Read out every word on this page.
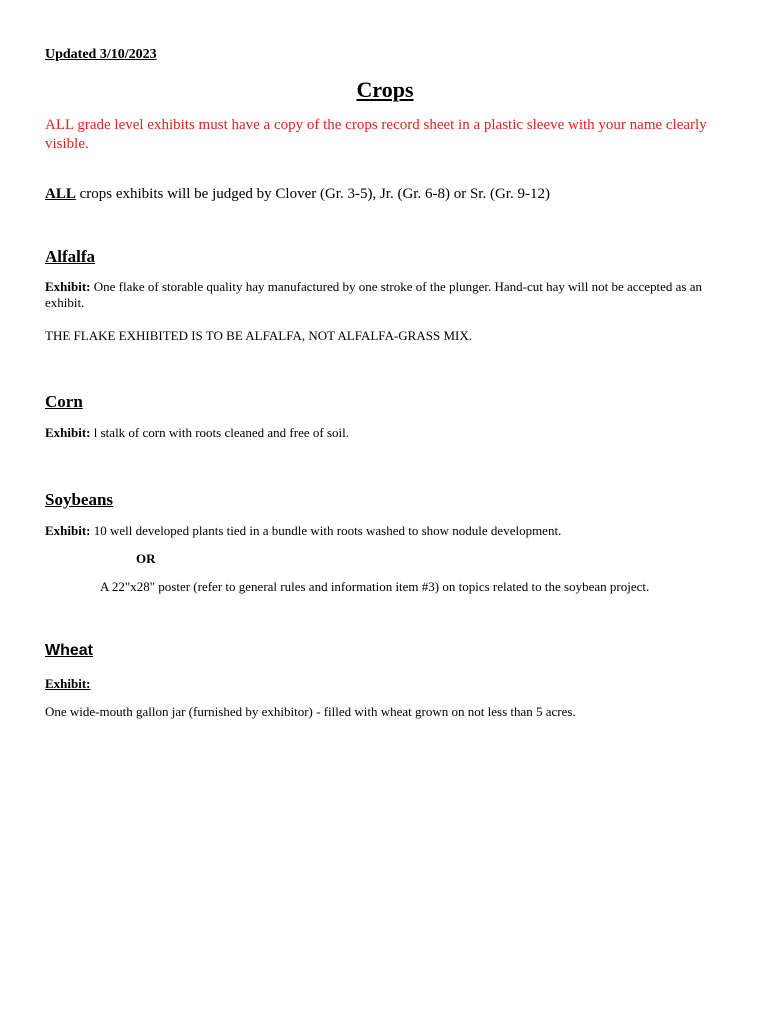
Updated 3/10/2023
Crops
ALL grade level exhibits must have a copy of the crops record sheet in a plastic sleeve with your name clearly visible.
ALL crops exhibits will be judged by Clover (Gr. 3-5), Jr. (Gr. 6-8) or Sr. (Gr. 9-12)
Alfalfa
Exhibit: One flake of storable quality hay manufactured by one stroke of the plunger. Hand-cut hay will not be accepted as an exhibit.
THE FLAKE EXHIBITED IS TO BE ALFALFA, NOT ALFALFA-GRASS MIX.
Corn
Exhibit: l stalk of corn with roots cleaned and free of soil.
Soybeans
Exhibit: 10 well developed plants tied in a bundle with roots washed to show nodule development.
OR
A 22"x28" poster (refer to general rules and information item #3) on topics related to the soybean project.
Wheat
Exhibit:
One wide-mouth gallon jar (furnished by exhibitor) - filled with wheat grown on not less than 5 acres.
